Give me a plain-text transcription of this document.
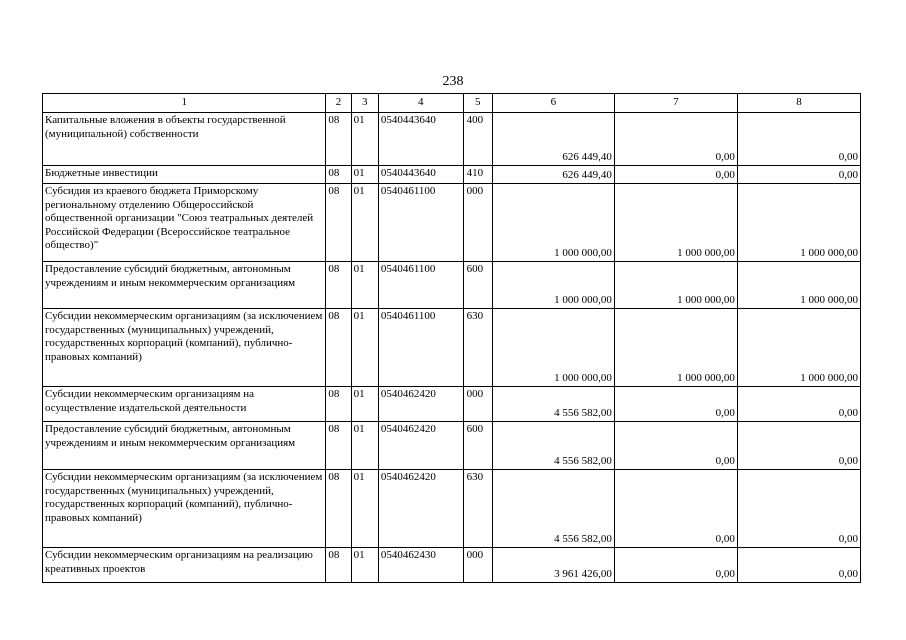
238
1	2	3	4	5	6	7	8
Капитальные вложения в объекты государственной (муниципальной) собственности	08	01	0540443640	400	626 449,40	0,00	0,00
Бюджетные инвестиции	08	01	0540443640	410	626 449,40	0,00	0,00
Субсидия из краевого бюджета Приморскому региональному отделению Общероссийской общественной организации "Союз театральных деятелей Российской Федерации (Всероссийское театральное общество)"	08	01	0540461100	000	1 000 000,00	1 000 000,00	1 000 000,00
Предоставление субсидий бюджетным, автономным учреждениям и иным некоммерческим организациям	08	01	0540461100	600	1 000 000,00	1 000 000,00	1 000 000,00
Субсидии некоммерческим организациям (за исключением государственных (муниципальных) учреждений, государственных корпораций (компаний), публично-правовых компаний)	08	01	0540461100	630	1 000 000,00	1 000 000,00	1 000 000,00
Субсидии некоммерческим организациям на осуществление издательской деятельности	08	01	0540462420	000	4 556 582,00	0,00	0,00
Предоставление субсидий бюджетным, автономным учреждениям и иным некоммерческим организациям	08	01	0540462420	600	4 556 582,00	0,00	0,00
Субсидии некоммерческим организациям (за исключением государственных (муниципальных) учреждений, государственных корпораций (компаний), публично-правовых компаний)	08	01	0540462420	630	4 556 582,00	0,00	0,00
Субсидии некоммерческим организациям на реализацию креативных проектов	08	01	0540462430	000	3 961 426,00	0,00	0,00
